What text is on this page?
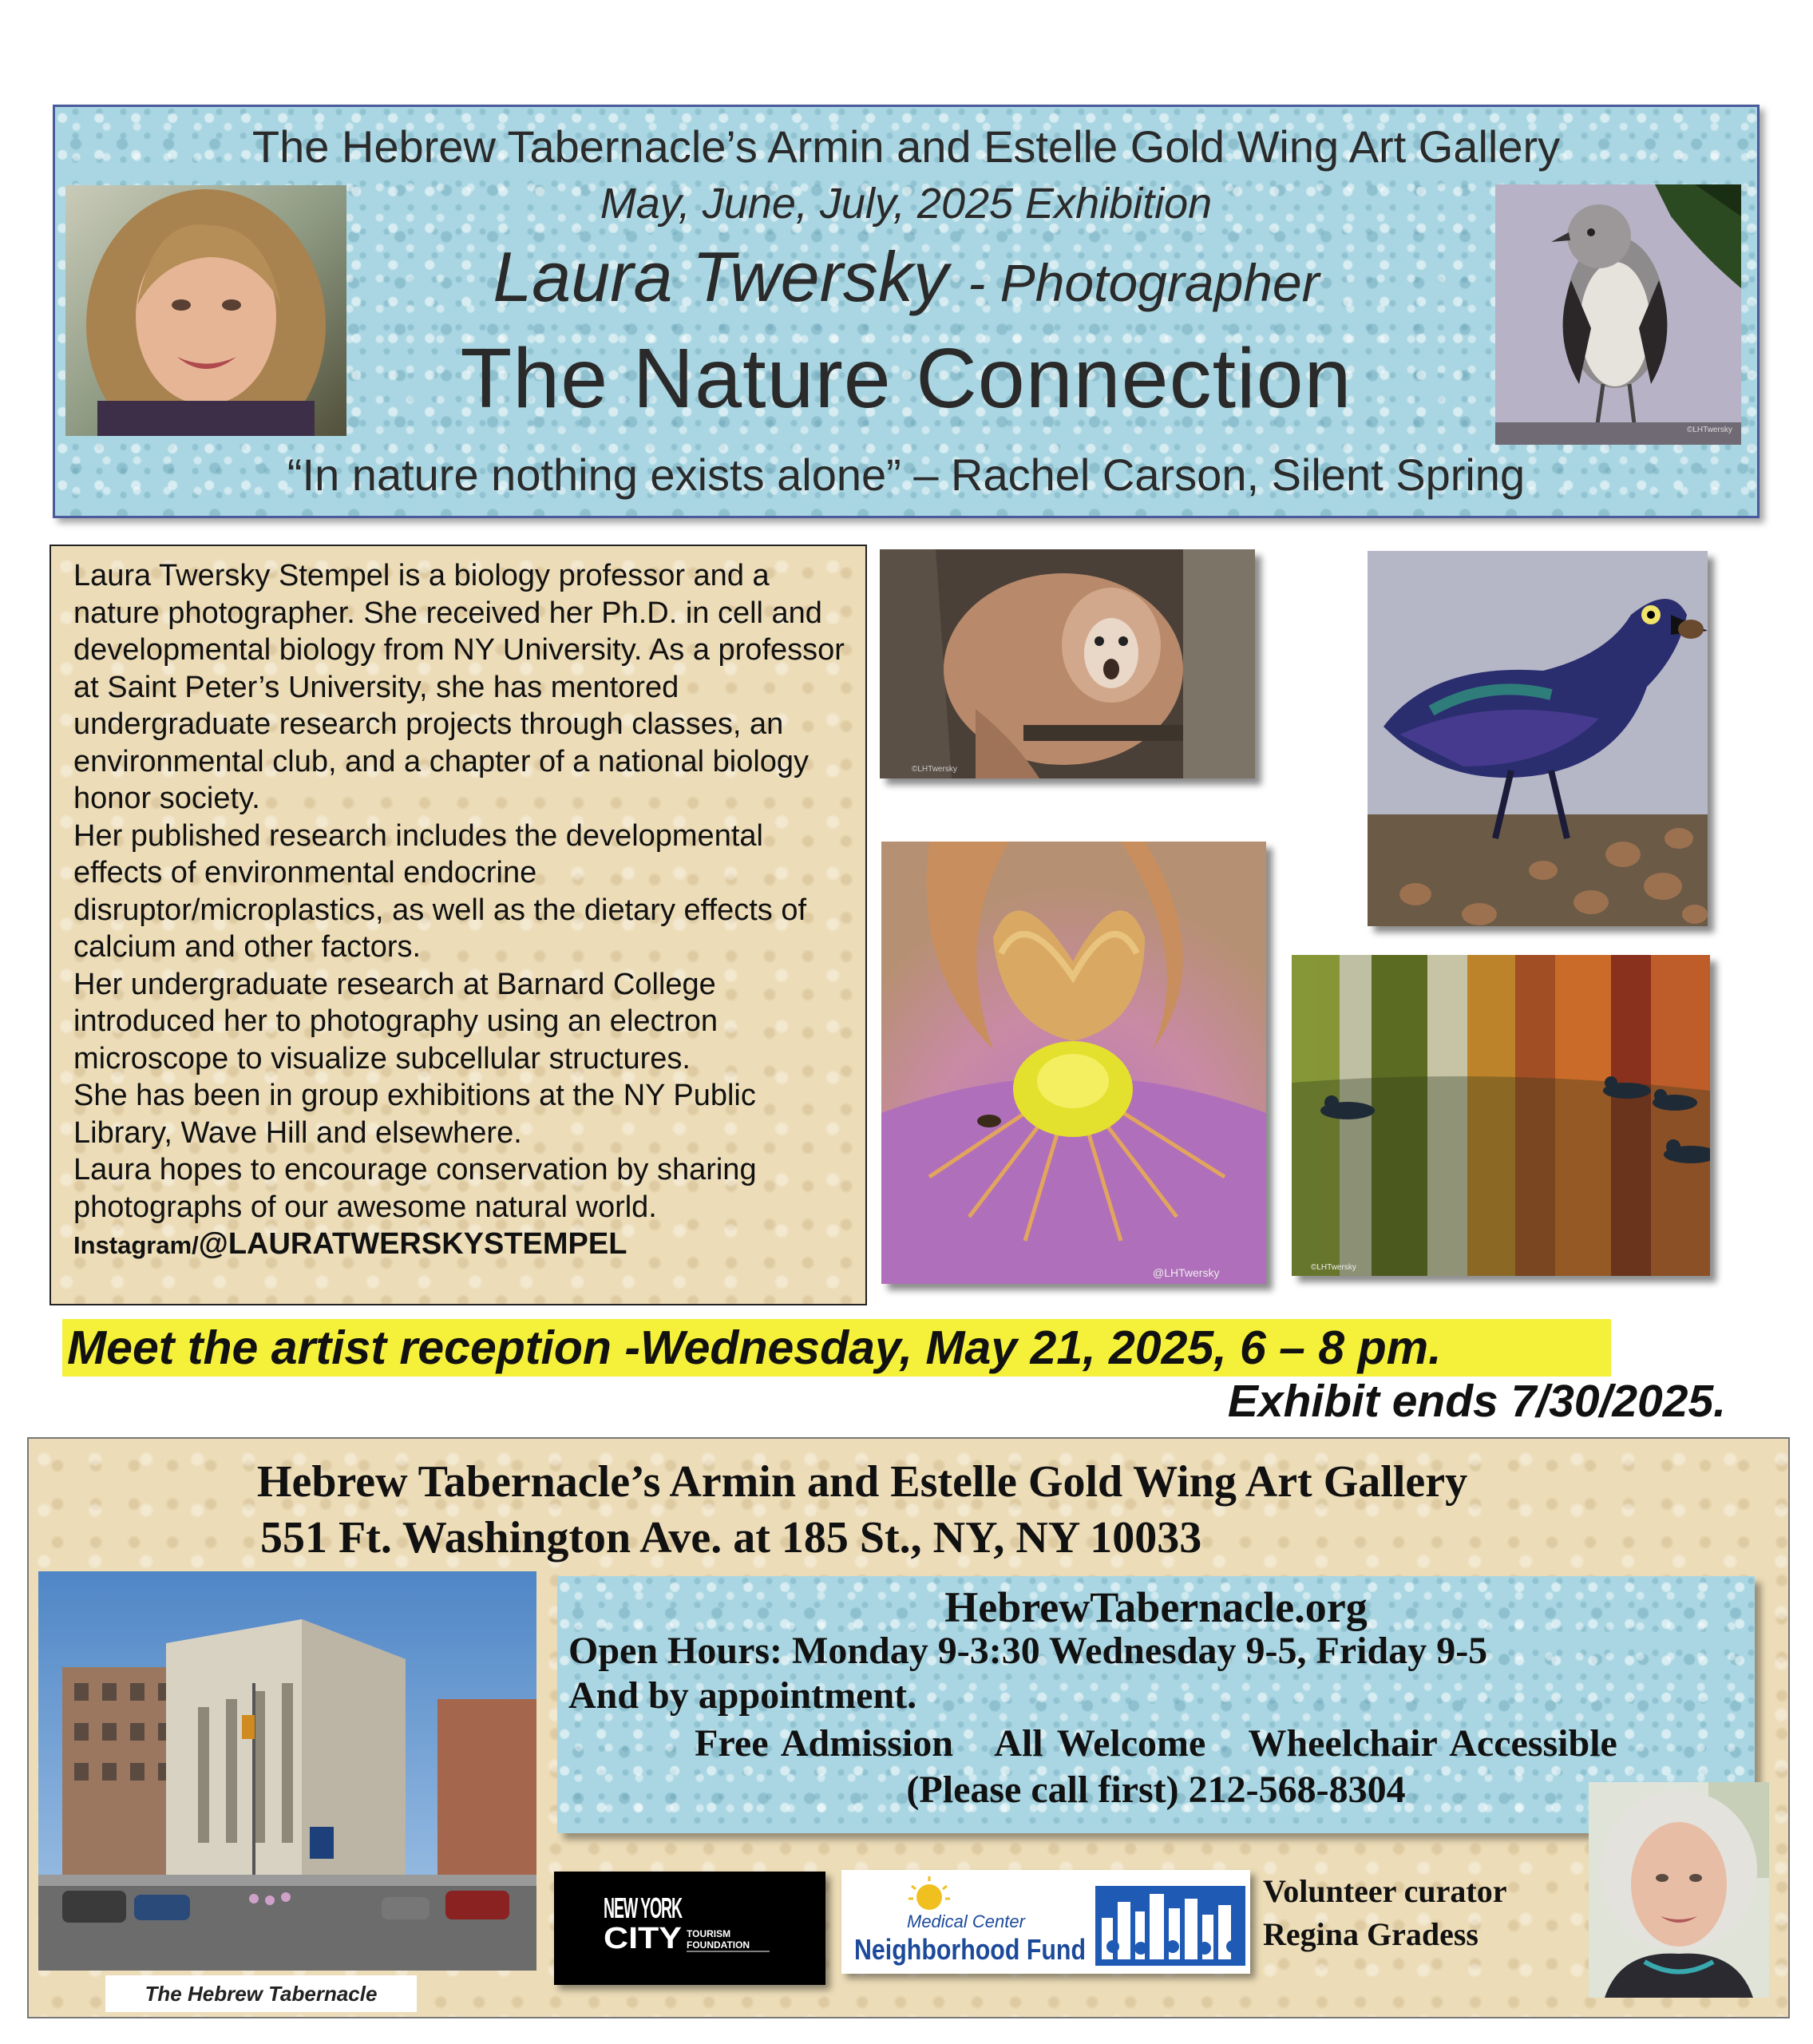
The Hebrew Tabernacle’s Armin and Estelle Gold Wing Art Gallery
May, June, July, 2025 Exhibition
Laura Twersky - Photographer
The Nature Connection
“In nature nothing exists alone” – Rachel Carson, Silent Spring
©LHTwersky

Laura Twersky Stempel is a biology professor and a nature photographer. She received her Ph.D. in cell and developmental biology from NY University. As a professor at Saint Peter’s University, she has mentored undergraduate research projects through classes, an environmental club, and a chapter of a national biology honor society.

Her published research includes the developmental effects of environmental endocrine disruptor/microplastics, as well as the dietary effects of calcium and other factors.

Her undergraduate research at Barnard College introduced her to photography using an electron microscope to visualize subcellular structures.

She has been in group exhibitions at the NY Public Library, Wave Hill and elsewhere.

Laura hopes to encourage conservation by sharing photographs of our awesome natural world. Instagram/@LAURATWERSKYSTEMPEL

©LHTwersky
@LHTwersky	©LHTwersky
Meet the artist reception -Wednesday, May 21, 2025, 6 – 8 pm.
Exhibit ends 7/30/2025.
Hebrew Tabernacle’s Armin and Estelle Gold Wing Art Gallery
551 Ft. Washington Ave. at 185 St., NY, NY 10033
HebrewTabernacle.org
Open Hours: Monday 9-3:30 Wednesday 9-5, Friday 9-5
And by appointment.
Free Admission   All Welcome   Wheelchair Accessible
(Please call first) 212-568-8304
The Hebrew Tabernacle
NEW YORK
CITY TOURISM
FOUNDATION
Medical Center
Neighborhood Fund
Volunteer curator
Regina Gradess
